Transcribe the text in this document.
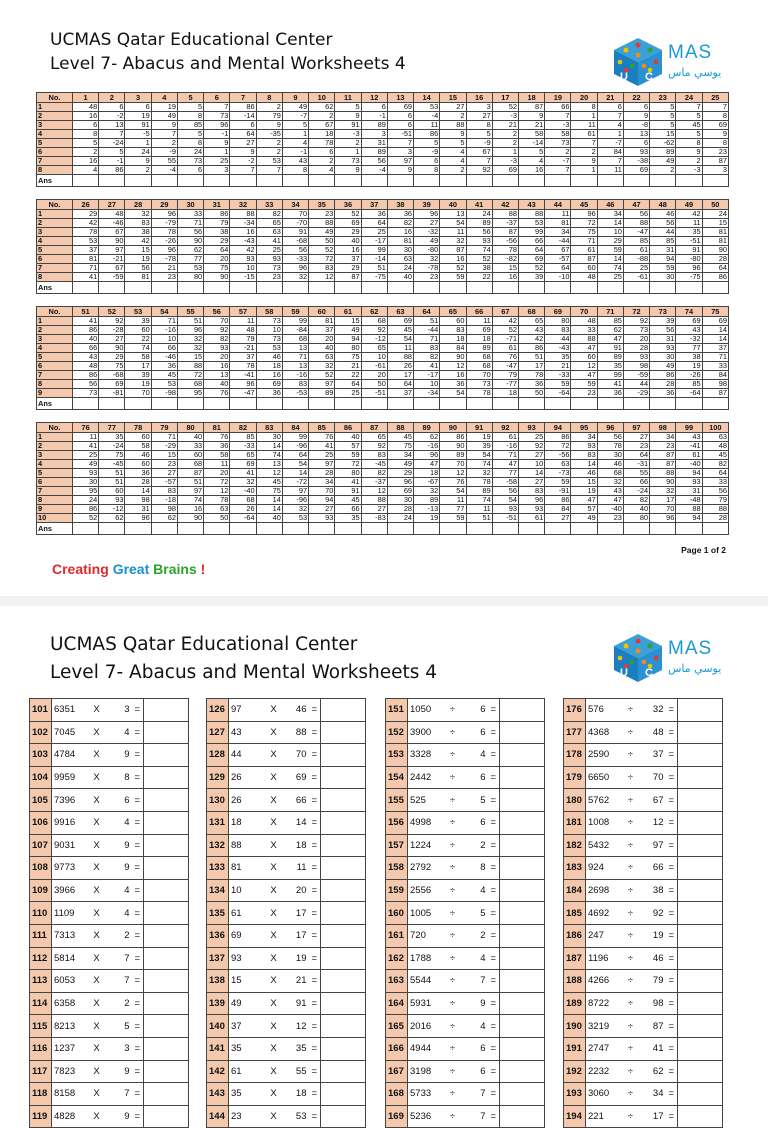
UCMAS Qatar Educational Center
Level 7- Abacus and Mental Worksheets 4
U C
MAS
يوسي ماس
No.	1	2	3	4	5	6	7	8	9	10	11	12	13	14	15	16	17	18	19	20	21	22	23	24	25
1	48	6	6	19	5	7	86	2	49	62	5	6	69	53	27	3	52	87	66	8	6	6	5	7	7
2	16	-2	19	49	8	73	-14	79	-7	2	9	-1	6	-4	2	27	-3	9	7	1	7	9	5	5	8
3	6	13	91	9	85	96	6	9	5	67	91	89	6	11	88	8	21	21	-3	11	4	-8	5	45	69
4	8	7	-5	7	5	-1	64	-35	1	18	-3	3	-51	86	9	5	2	58	58	61	1	13	15	5	9
5	5	-24	1	2	8	9	27	2	4	78	2	31	7	5	5	-9	2	-14	73	7	-7	6	-62	8	8
6	2	5	24	-9	24	1	9	2	-1	6	1	89	3	-9	4	67	1	5	2	2	84	93	89	9	23
7	16	-1	9	55	73	25	-2	53	43	2	73	56	97	6	4	7	-3	4	-7	9	7	-38	49	2	87
8	4	86	2	-4	6	3	7	7	8	4	9	-4	9	8	2	92	69	16	7	1	11	69	2	-3	3
Ans																									
No.	26	27	28	29	30	31	32	33	34	35	36	37	38	39	40	41	42	43	44	45	46	47	48	49	50
1	29	48	32	96	33	86	88	82	70	23	52	36	36	96	13	24	88	88	11	96	34	56	46	42	24
2	42	-46	83	-79	71	79	-34	65	-70	88	69	64	82	27	54	89	-37	53	81	72	14	88	56	11	15
3	78	67	38	78	56	38	16	63	91	49	29	25	16	-32	11	56	87	99	34	75	10	-47	44	35	81
4	53	90	42	-26	90	29	-43	41	-68	50	40	-17	81	49	32	93	-56	66	-44	71	29	85	85	-51	81
5	37	97	15	96	62	64	42	25	56	52	16	99	30	-80	87	74	78	64	67	61	59	61	31	91	90
6	81	-21	19	-78	77	20	93	93	-33	72	37	-14	63	32	16	52	-82	69	-57	87	14	-88	94	-80	28
7	71	67	56	21	53	75	10	73	96	83	29	51	24	-78	52	38	15	52	64	60	74	25	59	96	64
8	41	-59	81	23	80	90	-15	23	32	12	87	-75	40	23	59	22	16	39	-10	48	25	-61	30	-75	86
Ans																									
No.	51	52	53	54	55	56	57	58	59	60	61	62	63	64	65	66	67	68	69	70	71	72	73	74	75
1	41	92	39	71	51	70	11	73	99	81	15	68	69	51	60	11	42	65	80	48	85	92	39	69	69
2	86	-28	60	-16	96	92	48	10	-84	37	49	92	45	-44	83	69	52	43	83	33	62	73	56	43	14
3	40	27	22	10	32	82	79	73	68	20	94	-12	54	71	18	18	-71	42	44	88	47	20	31	-32	14
4	66	90	74	66	32	93	-21	53	13	40	80	65	11	83	84	89	61	86	-43	47	91	28	93	77	37
5	43	29	58	-46	15	20	37	46	71	63	75	10	88	82	90	68	76	51	35	60	89	93	30	38	71
6	48	75	17	36	88	16	78	18	13	32	21	-61	26	41	12	68	-47	17	21	12	35	98	49	19	33
7	86	-68	39	45	72	13	-41	16	-16	52	22	20	17	-17	16	70	79	78	-33	47	99	-59	86	-26	84
8	56	69	19	53	68	40	96	69	83	97	64	50	64	10	36	73	-77	36	59	59	41	44	28	85	98
9	73	-81	70	-98	95	76	-47	36	-53	89	25	-51	37	-34	54	78	18	50	-64	23	36	-29	36	-64	87
Ans																									
No.	76	77	78	79	80	81	82	83	84	85	86	87	88	89	90	91	92	93	94	95	96	97	98	99	100
1	11	35	60	71	40	76	85	30	99	76	40	65	45	62	86	19	61	25	86	34	56	27	34	43	63
2	41	-24	58	-29	33	36	-33	14	-96	41	57	92	75	-16	90	39	-16	92	72	93	78	23	23	-41	48
3	25	75	46	15	60	58	65	74	64	25	59	83	34	96	89	54	71	27	-56	83	30	64	87	61	45
4	49	-45	60	23	68	11	69	13	54	97	72	-45	49	47	70	74	47	10	63	14	46	-31	87	-40	82
5	93	51	36	27	87	20	41	12	14	28	80	82	29	18	12	32	77	14	-73	46	68	55	88	94	64
6	30	51	28	-57	51	72	32	45	-72	34	41	-37	96	-67	76	78	-58	27	59	15	32	66	90	93	33
7	95	60	14	83	97	12	-40	75	97	70	91	12	69	32	54	89	56	83	-91	19	43	-24	32	31	56
8	24	93	98	-18	74	78	68	14	-96	94	45	88	30	89	11	74	54	96	86	47	47	82	17	-48	79
9	86	-12	31	98	16	63	26	14	32	27	66	27	28	-13	77	11	93	93	84	57	-40	40	70	88	88
10	52	62	96	62	90	50	-64	40	53	93	35	-83	24	19	59	51	-51	61	27	49	23	80	96	94	28
Ans																									
Page 1 of 2
Creating Great Brains !
UCMAS Qatar Educational Center
Level 7- Abacus and Mental Worksheets 4	U C
MAS
يوسي ماس
101	6351	X	3	=	
102	7045	X	4	=	
103	4784	X	9	=	
104	9959	X	8	=	
105	7396	X	6	=	
106	9916	X	4	=	
107	9031	X	9	=	
108	9773	X	9	=	
109	3966	X	4	=	
110	1109	X	4	=	
111	7313	X	2	=	
112	5814	X	7	=	
113	6053	X	7	=	
114	6358	X	2	=	
115	8213	X	5	=	
116	1237	X	3	=	
117	7823	X	9	=	
118	8158	X	7	=	
119	4828	X	9	=	
126	97	X	46	=	
127	43	X	88	=	
128	44	X	70	=	
129	26	X	69	=	
130	26	X	66	=	
131	18	X	14	=	
132	88	X	18	=	
133	81	X	11	=	
134	10	X	20	=	
135	61	X	17	=	
136	69	X	17	=	
137	93	X	19	=	
138	15	X	21	=	
139	49	X	91	=	
140	37	X	12	=	
141	35	X	35	=	
142	61	X	55	=	
143	35	X	18	=	
144	23	X	53	=	
151	1050	÷	6	=	
152	3900	÷	6	=	
153	3328	÷	4	=	
154	2442	÷	6	=	
155	525	÷	5	=	
156	4998	÷	6	=	
157	1224	÷	2	=	
158	2792	÷	8	=	
159	2556	÷	4	=	
160	1005	÷	5	=	
161	720	÷	2	=	
162	1788	÷	4	=	
163	5544	÷	7	=	
164	5931	÷	9	=	
165	2016	÷	4	=	
166	4944	÷	6	=	
167	3198	÷	6	=	
168	5733	÷	7	=	
169	5236	÷	7	=	
176	576	÷	32	=	
177	4368	÷	48	=	
178	2590	÷	37	=	
179	6650	÷	70	=	
180	5762	÷	67	=	
181	1008	÷	12	=	
182	5432	÷	97	=	
183	924	÷	66	=	
184	2698	÷	38	=	
185	4692	÷	92	=	
186	247	÷	19	=	
187	1196	÷	46	=	
188	4266	÷	79	=	
189	8722	÷	98	=	
190	3219	÷	87	=	
191	2747	÷	41	=	
192	2232	÷	62	=	
193	3060	÷	34	=	
194	221	÷	17	=	
